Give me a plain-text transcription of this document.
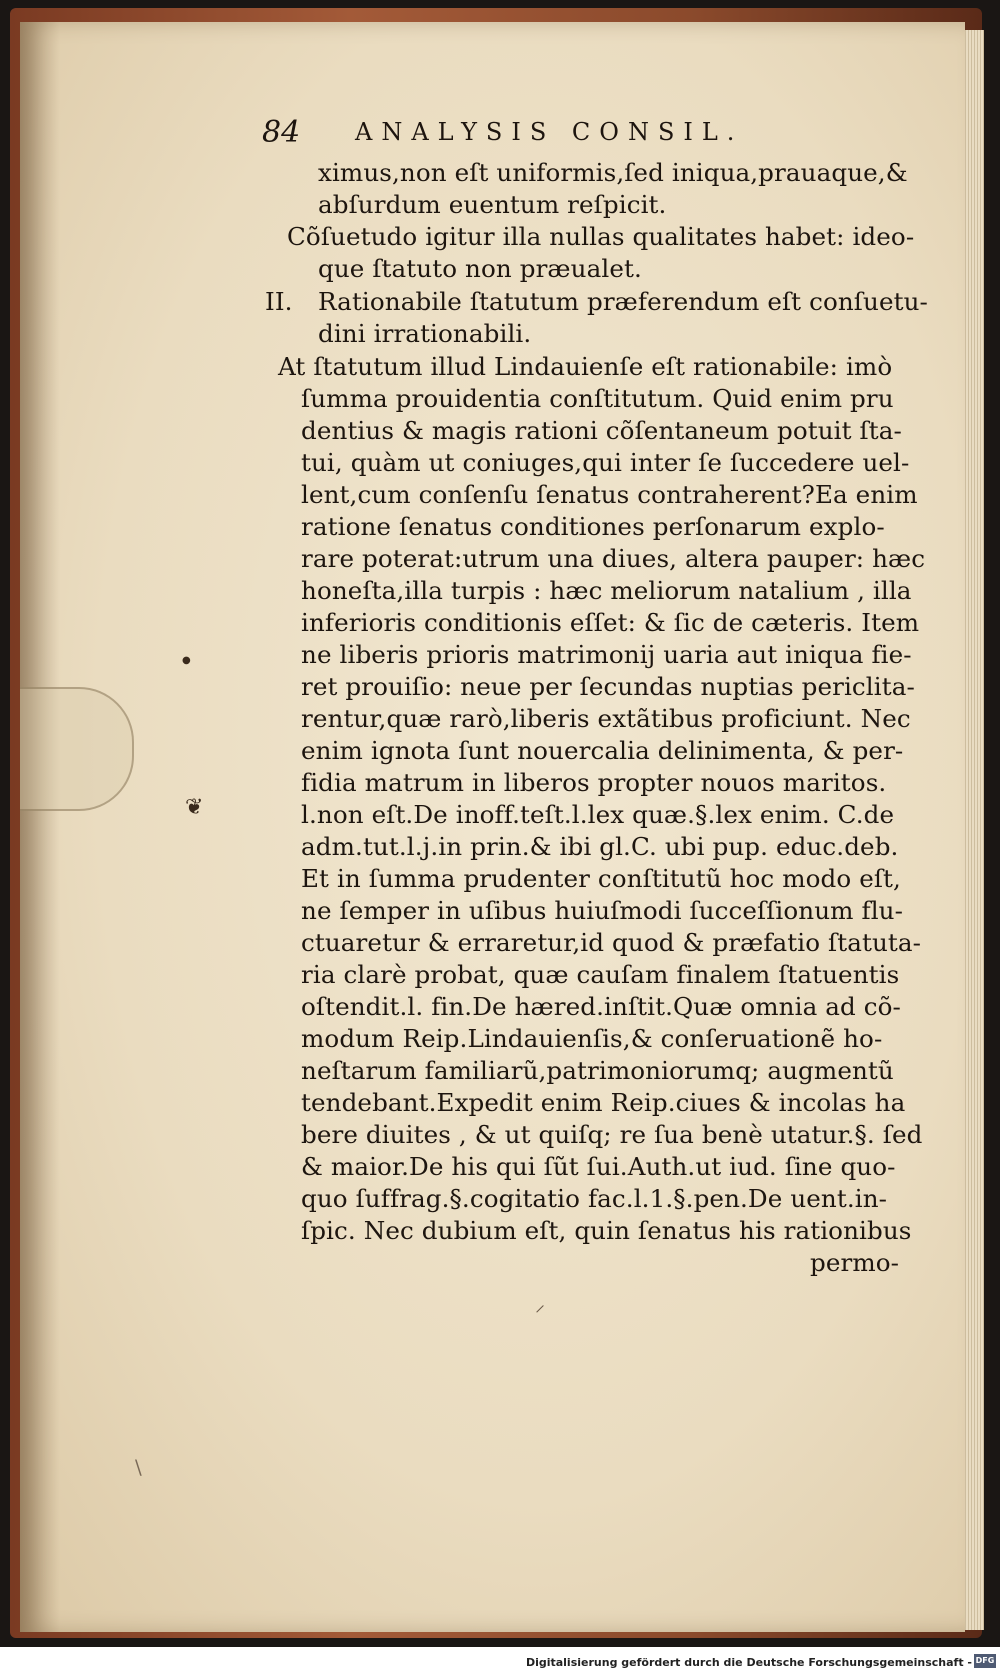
●
❦
⸝
\
84 ANALYSIS CONSIL.
ximus,non eſt uniformis,ſed iniqua,prauaque,&
abſurdum euentum reſpicit.
Cõſuetudo igitur illa nullas qualitates habet: ideo-
que ſtatuto non præualet.
II. Rationabile ſtatutum præferendum eſt conſuetu-
dini irrationabili.
At ſtatutum illud Lindauienſe eſt rationabile: imò
ſumma prouidentia conſtitutum. Quid enim pru
dentius & magis rationi cõſentaneum potuit ſta-
tui, quàm ut coniuges,qui inter ſe ſuccedere uel-
lent,cum conſenſu ſenatus contraherent?Ea enim
ratione ſenatus conditiones perſonarum explo-
rare poterat:utrum una diues, altera pauper: hæc
honeſta,illa turpis : hæc meliorum natalium , illa
inferioris conditionis eſſet: & ſic de cæteris. Item
ne liberis prioris matrimonij uaria aut iniqua fie-
ret prouiſio: neue per ſecundas nuptias periclita-
rentur,quæ rarò,liberis extãtibus proficiunt. Nec
enim ignota ſunt nouercalia delinimenta, & per-
fidia matrum in liberos propter nouos maritos.
l.non eſt.De inoff.teſt.l.lex quæ.§.lex enim. C.de
adm.tut.l.j.in prin.& ibi gl.C. ubi pup. educ.deb.
Et in ſumma prudenter conſtitutũ hoc modo eſt,
ne ſemper in uſibus huiuſmodi ſucceſſionum flu-
ctuaretur & erraretur,id quod & præfatio ſtatuta-
ria clarè probat, quæ cauſam finalem ſtatuentis
oſtendit.l. fin.De hæred.inſtit.Quæ omnia ad cõ-
modum Reip.Lindauienſis,& conſeruationẽ ho-
neſtarum familiarũ,patrimoniorumq; augmentũ
tendebant.Expedit enim Reip.ciues & incolas ha
bere diuites , & ut quiſq; re ſua benè utatur.§. ſed
& maior.De his qui ſũt ſui.Auth.ut iud. ſine quo-
quo ſuffrag.§.cogitatio fac.l.1.§.pen.De uent.in-
ſpic. Nec dubium eſt, quin ſenatus his rationibus
permo-
Digitalisierung gefördert durch die Deutsche Forschungsgemeinschaft - DFG
